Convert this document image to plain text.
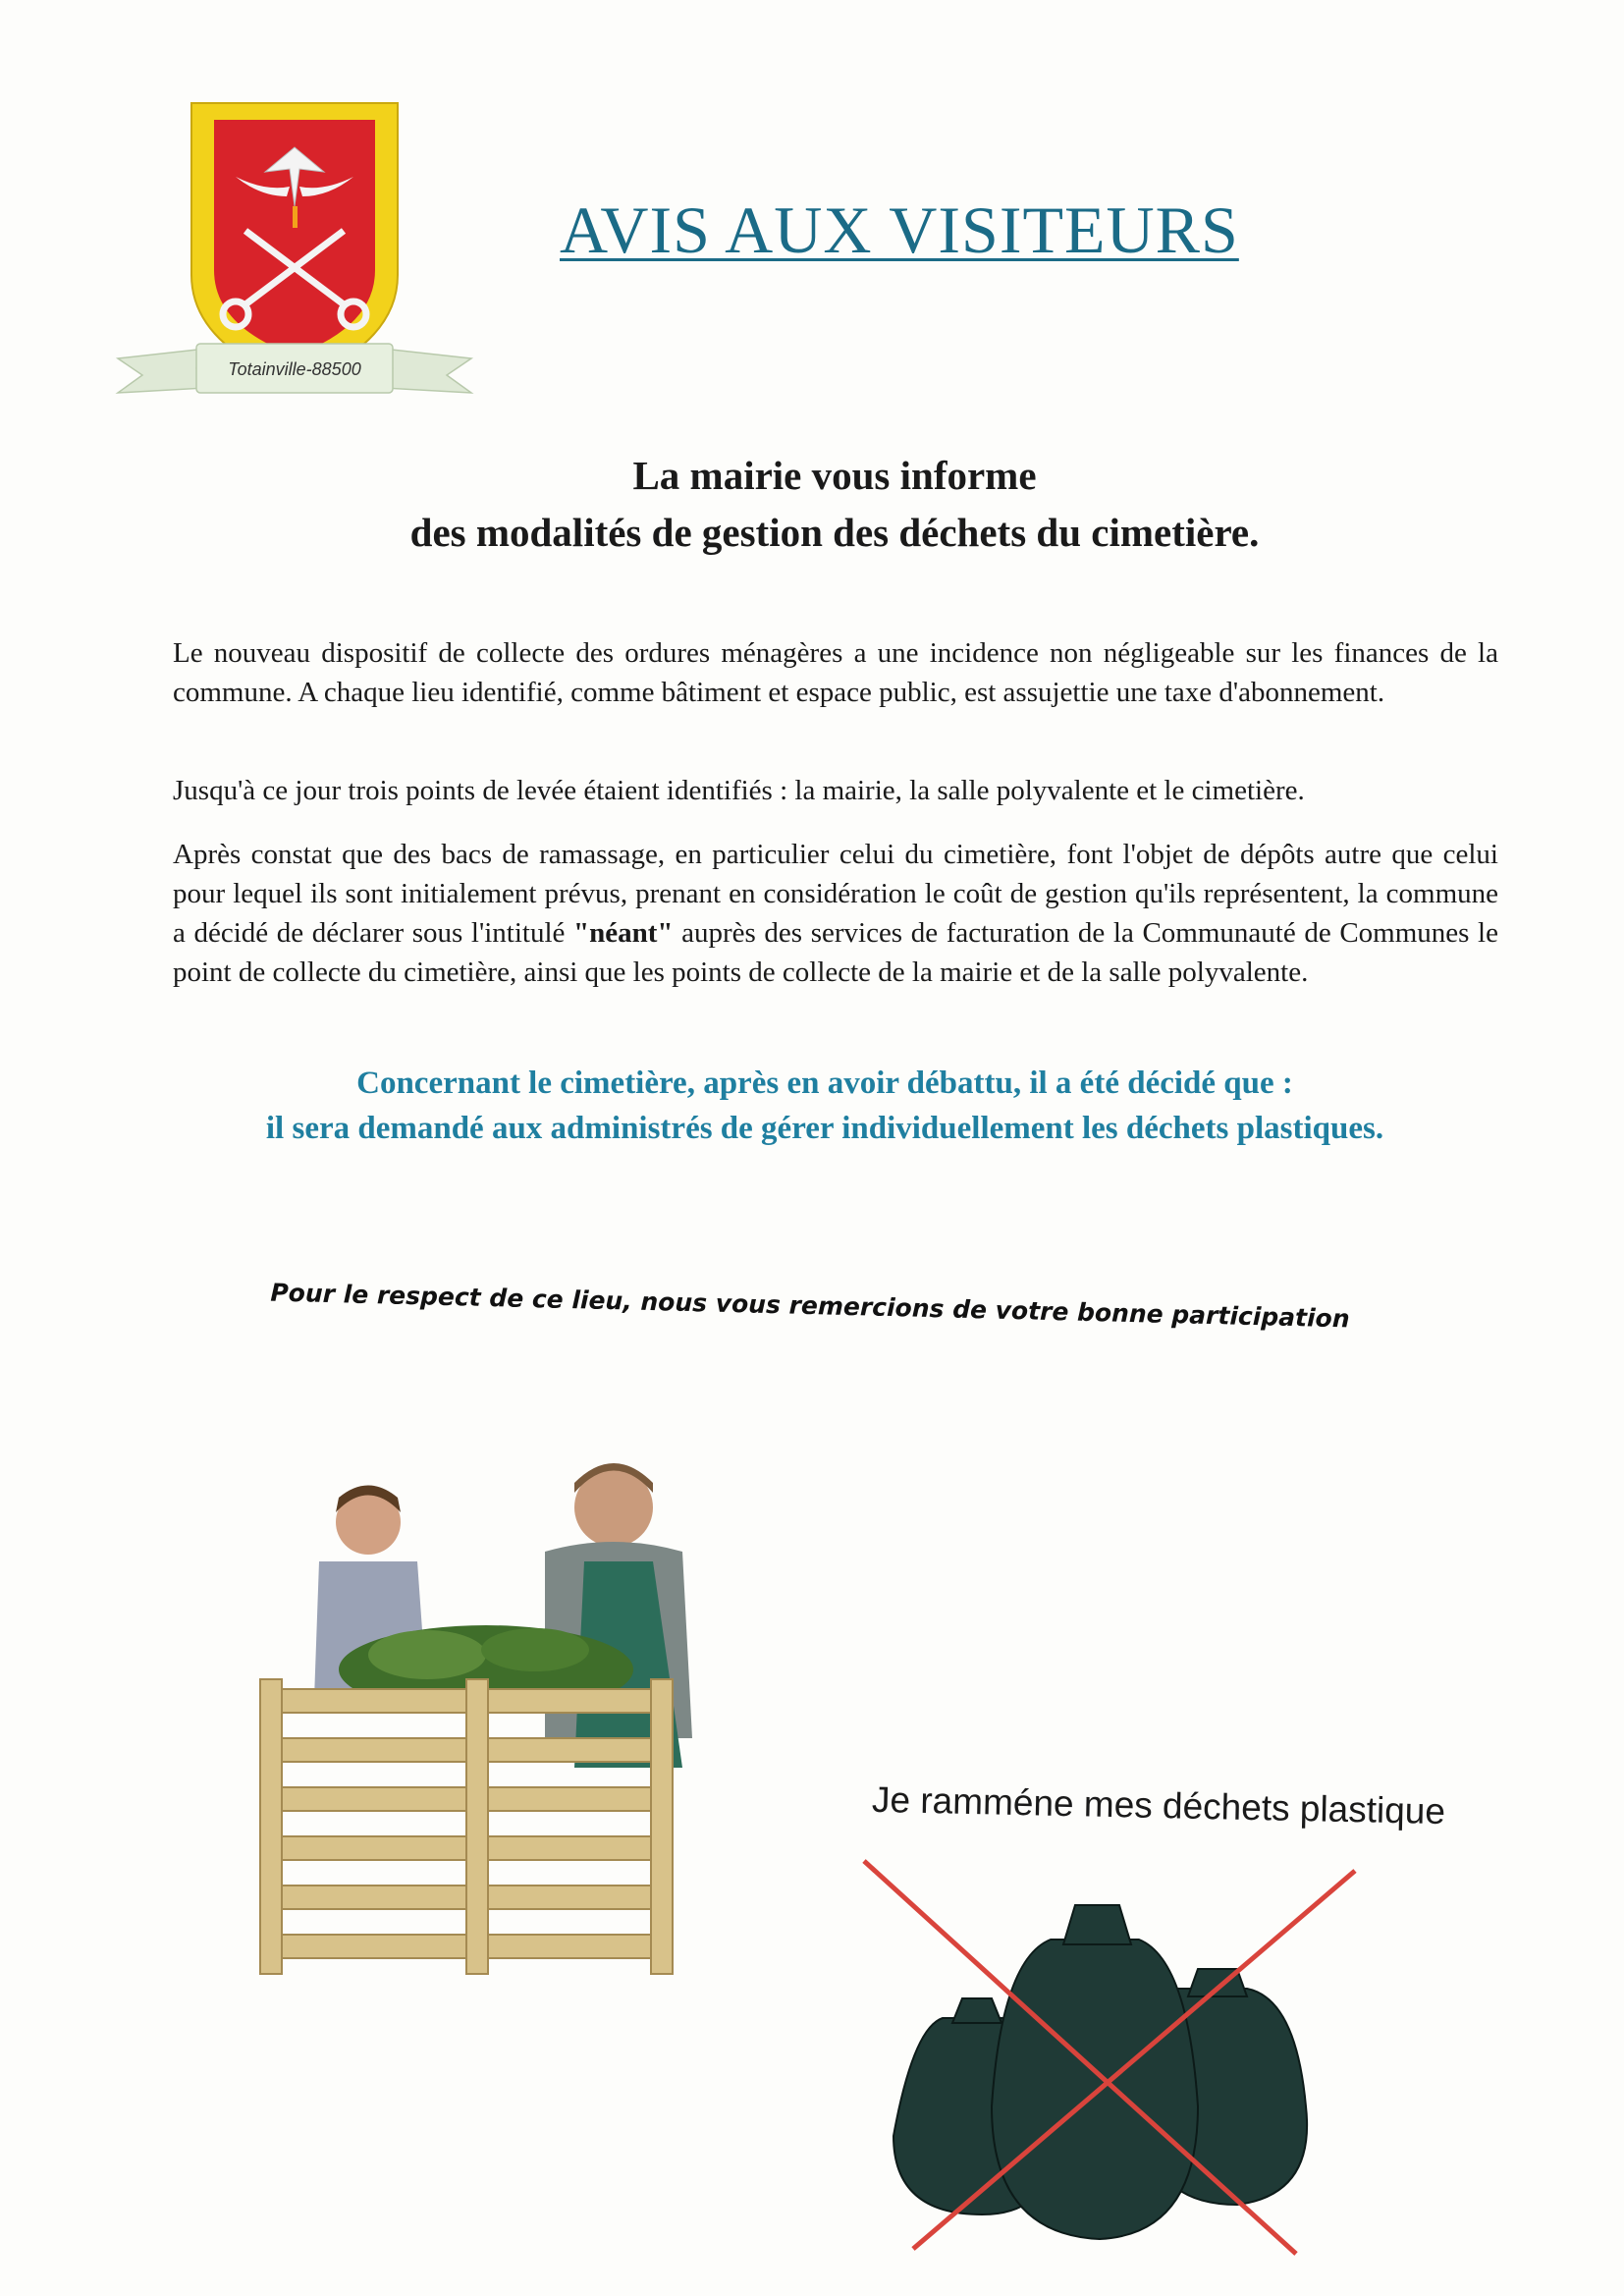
Totainville-88500
AVIS AUX VISITEURS
La mairie vous informe
des modalités de gestion des déchets du cimetière.
Le nouveau dispositif de collecte des ordures ménagères a une incidence non négligeable sur les finances de la commune. A chaque lieu identifié, comme bâtiment et espace public, est assujettie une taxe d'abonnement.
Jusqu'à ce jour trois points de levée étaient identifiés : la mairie, la salle polyvalente et le cimetière.
Après constat que des bacs de ramassage, en particulier celui du cimetière, font l'objet de dépôts autre que celui pour lequel ils sont initialement prévus, prenant en considération le coût de gestion qu'ils représentent, la commune a décidé de déclarer sous l'intitulé "néant" auprès des services de facturation de la Communauté de Communes le point de collecte du cimetière, ainsi que les points de collecte de la mairie et de la salle polyvalente.
Concernant le cimetière, après en avoir débattu, il a été décidé que :
il sera demandé aux administrés de gérer individuellement les déchets plastiques.
Pour le respect de ce lieu, nous vous remercions de votre bonne participation
Je ramméne mes déchets plastique
